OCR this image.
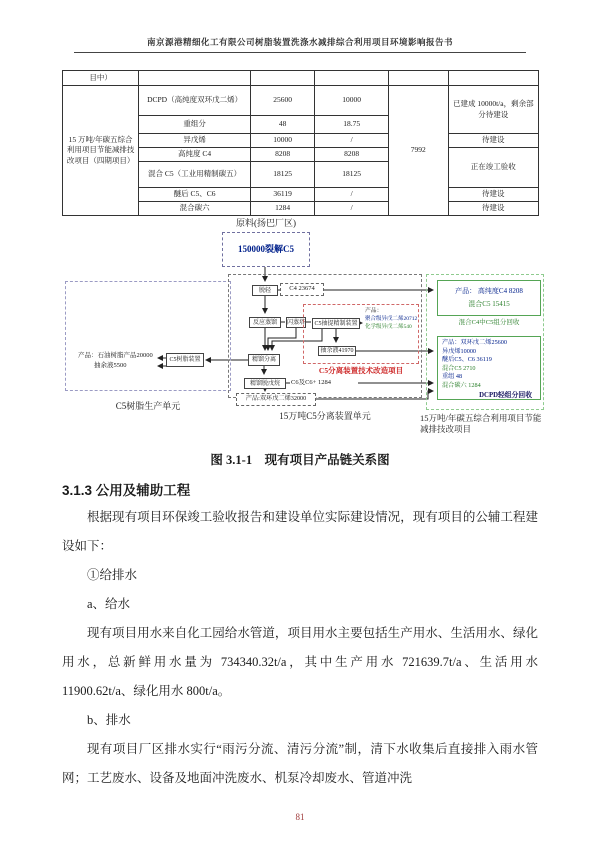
南京源港精细化工有限公司树脂装置洗涤水减排综合利用项目环境影响报告书
目中）					
15 万吨/年碳五综合利用项目节能减排技改项目（四期项目）	DCPD（高纯度双环戊二烯）	25600	10000	7992	已建成 10000t/a，剩余部分待建设
	重组分	48	18.75		
	异戊烯	10000	/		待建设
	高纯度 C4	8208	8208		正在竣工验收
	混合 C5（工业用精制碳五）	18125	18125		
	醚后 C5、C6	36119	/		待建设
	混合碳六	1284	/		待建设
原料(扬巴厂区)
150000裂解C5
产品：石油树脂产品20000
抽余液5500
C5树脂装置
C5树脂生产单元
脱轻	C4 23674
反应蒸馏	闪蒸塔	C5抽提精制装置
产品：
聚合级异戊二烯20712
化学级异戊二烯540
抽余液41970
C5分离装置技术改造项目
精馏分离
精馏脱戊烷	C6及C6+ 1284
产品:双环戊二烯32000
15万吨C5分离装置单元
产品： 高纯度C4 8208
混合C5 15415
混合C4中C5组分回收
产品：双环戊二烯25600
异戊烯10000
醚后C5、C6 36119
混合C5 2710
重组 48
混合碳六 1284
DCPD轻组分回收
15万吨/年碳五综合利用项目节能减排技改项目
图 3.1-1　现有项目产品链关系图
3.1.3 公用及辅助工程

根据现有项目环保竣工验收报告和建设单位实际建设情况，现有项目的公辅工程建设如下：

①给排水

a、给水

现有项目用水来自化工园给水管道，项目用水主要包括生产用水、生活用水、绿化用水，总新鲜用水量为 734340.32t/a，其中生产用水 721639.7t/a、生活用水 11900.62t/a、绿化用水 800t/a。

b、排水

现有项目厂区排水实行“雨污分流、清污分流”制，清下水收集后直接排入雨水管网；工艺废水、设备及地面冲洗废水、机泵冷却废水、管道冲洗

81
